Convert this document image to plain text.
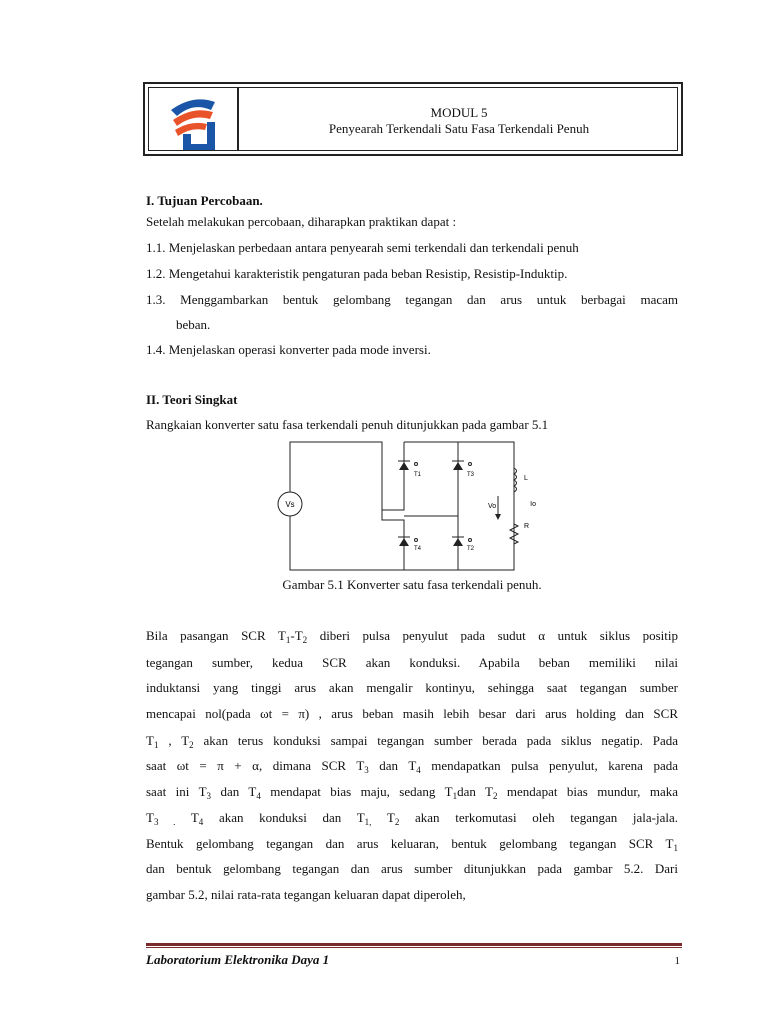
MODUL 5
Penyearah Terkendali Satu Fasa Terkendali Penuh
I. Tujuan Percobaan.
Setelah melakukan percobaan, diharapkan praktikan dapat :
1.1. Menjelaskan perbedaan antara penyearah semi terkendali dan terkendali penuh
1.2. Mengetahui karakteristik pengaturan pada beban Resistip, Resistip-Induktip.
1.3. Menggambarkan bentuk gelombang tegangan dan arus untuk berbagai macam
beban.
1.4. Menjelaskan operasi konverter pada mode inversi.
II. Teori Singkat
Rangkaian konverter satu fasa terkendali penuh ditunjukkan pada gambar 5.1
Vs
T1	T3
T4	T2
Vo
L
R
Io
Gambar 5.1 Konverter satu fasa terkendali penuh.
Bila pasangan SCR $T_1-T_2$ diberi pulsa penyulut pada sudut α untuk siklus positip
tegangan sumber, kedua SCR akan konduksi. Apabila beban memiliki nilai
induktansi yang tinggi arus akan mengalir kontinyu, sehingga saat tegangan sumber
mencapai nol(pada ωt = π) , arus beban masih lebih besar dari arus holding dan SCR
$T_1$ , $T_2$ akan terus konduksi sampai tegangan sumber berada pada siklus negatip. Pada
saat ωt = π + α, dimana SCR $T_3$ dan $T_4$ mendapatkan pulsa penyulut, karena pada
saat ini $T_3$ dan $T_4$ mendapat bias maju, sedang $T_1dan$ $T_2$ mendapat bias mundur, maka
$T_{3 .}$ $T_4$ akan konduksi dan $T_{1,}$ $T_2$ akan terkomutasi oleh tegangan jala-jala.
Bentuk gelombang tegangan dan arus keluaran, bentuk gelombang tegangan SCR $T_1$
dan bentuk gelombang tegangan dan arus sumber ditunjukkan pada gambar 5.2. Dari
gambar 5.2, nilai rata-rata tegangan keluaran dapat diperoleh,
Laboratorium Elektronika Daya 1	1
